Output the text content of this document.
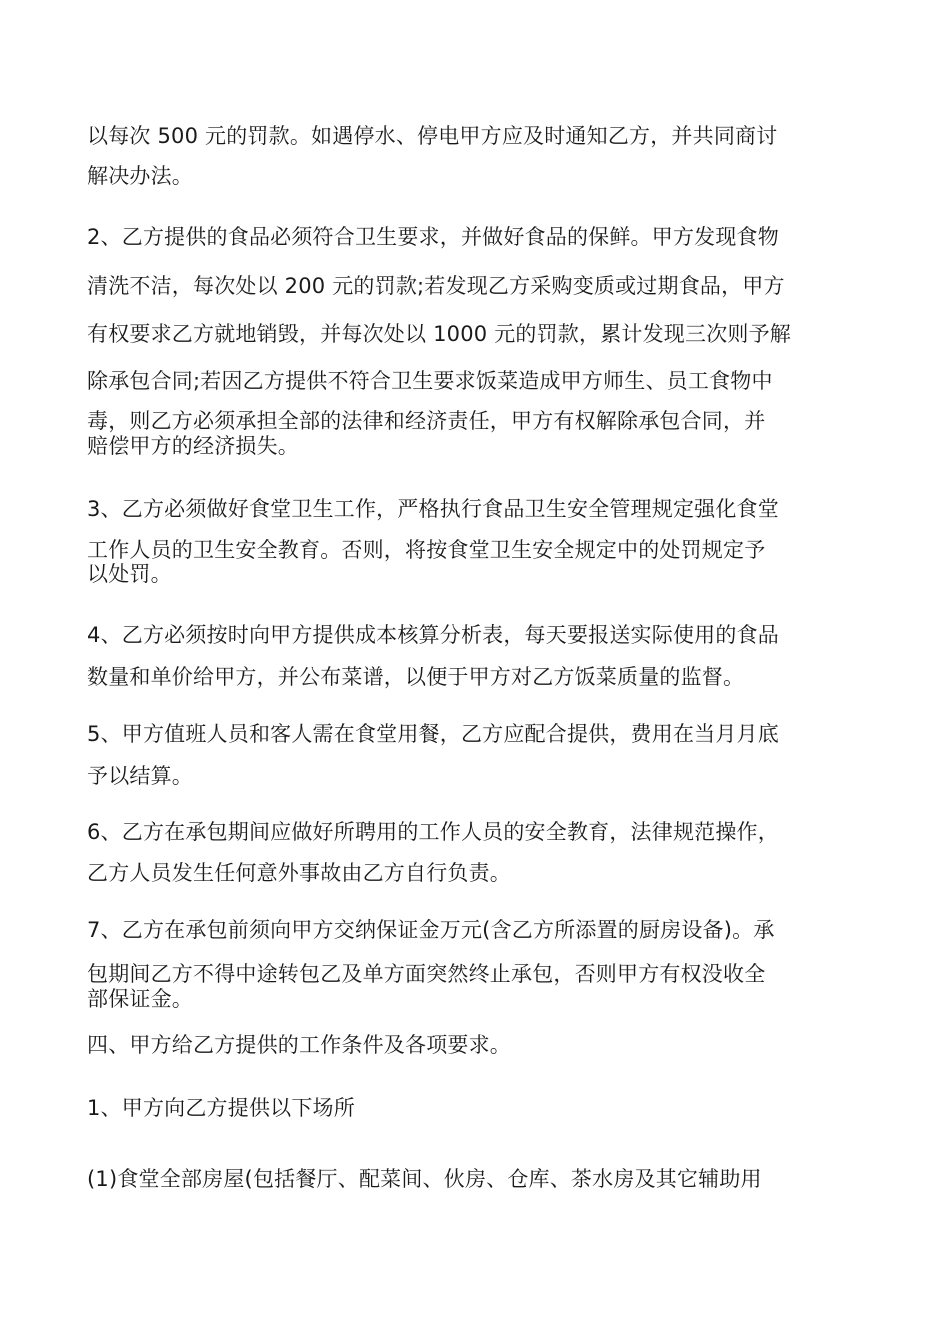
以每次 500 元的罚款。如遇停水、停电甲方应及时通知乙方，并共同商讨
解决办法。
2、乙方提供的食品必须符合卫生要求，并做好食品的保鲜。甲方发现食物
清洗不洁，每次处以 200 元的罚款;若发现乙方采购变质或过期食品，甲方
有权要求乙方就地销毁，并每次处以 1000 元的罚款，累计发现三次则予解
除承包合同;若因乙方提供不符合卫生要求饭菜造成甲方师生、员工食物中
毒，则乙方必须承担全部的法律和经济责任，甲方有权解除承包合同，并
赔偿甲方的经济损失。
3、乙方必须做好食堂卫生工作，严格执行食品卫生安全管理规定强化食堂
工作人员的卫生安全教育。否则，将按食堂卫生安全规定中的处罚规定予
以处罚。
4、乙方必须按时向甲方提供成本核算分析表，每天要报送实际使用的食品
数量和单价给甲方，并公布菜谱，以便于甲方对乙方饭菜质量的监督。
5、甲方值班人员和客人需在食堂用餐，乙方应配合提供，费用在当月月底
予以结算。
6、乙方在承包期间应做好所聘用的工作人员的安全教育，法律规范操作，
乙方人员发生任何意外事故由乙方自行负责。
7、乙方在承包前须向甲方交纳保证金万元(含乙方所添置的厨房设备)。承
包期间乙方不得中途转包乙及单方面突然终止承包，否则甲方有权没收全
部保证金。
四、甲方给乙方提供的工作条件及各项要求。
1、甲方向乙方提供以下场所
(1)食堂全部房屋(包括餐厅、配菜间、伙房、仓库、茶水房及其它辅助用
